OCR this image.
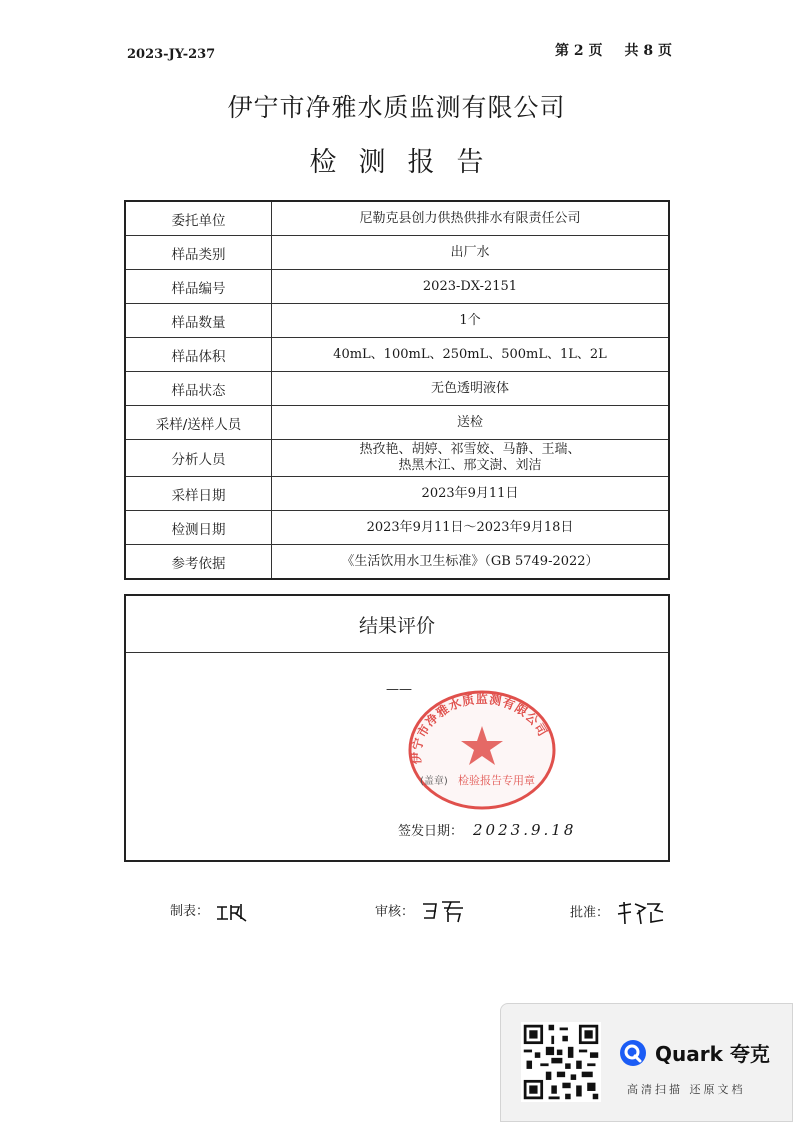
2023-JY-237	第 2 页 共 8 页
伊宁市净雅水质监测有限公司
检测报告
委托单位	尼勒克县创力供热供排水有限责任公司
样品类别	出厂水
样品编号	2023-DX-2151
样品数量	1个
样品体积	40mL、100mL、250mL、500mL、1L、2L
样品状态	无色透明液体
采样/送样人员	送检
分析人员	热孜艳、胡婷、祁雪姣、马静、王瑞、
热黑木江、邢文澍、刘洁

采样日期	2023年9月11日
检测日期	2023年9月11日～2023年9月18日
参考依据	《生活饮用水卫生标准》（GB 5749-2022）
结果评价
——
伊宁市净雅水质监测有限公司
(盖章) 检验报告专用章
签发日期： 2023.9.18
制表：	审核：	批准：
Quark 夸克
高清扫描 还原文档
